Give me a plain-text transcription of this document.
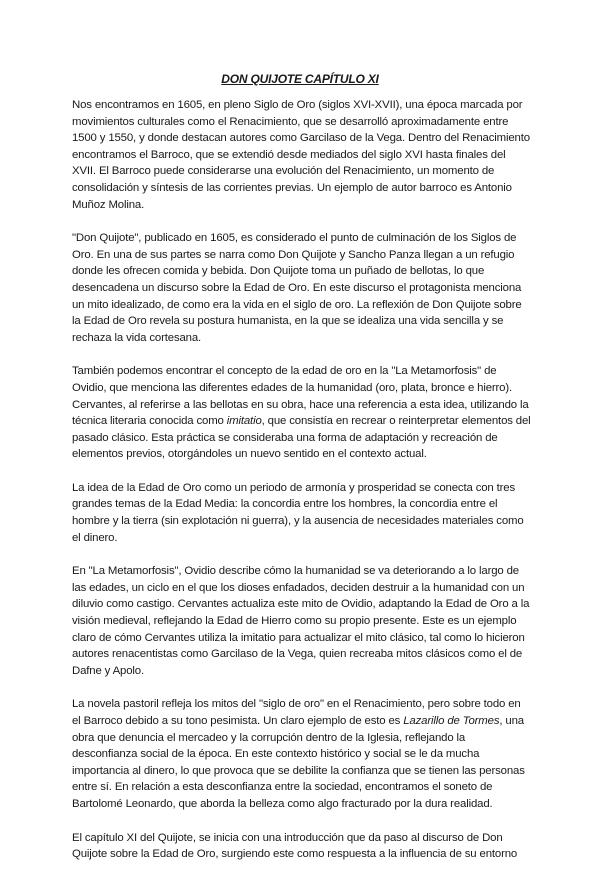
DON QUIJOTE CAPÍTULO XI

Nos encontramos en 1605, en pleno Siglo de Oro (siglos XVI-XVII), una época marcada por movimientos culturales como el Renacimiento, que se desarrolló aproximadamente entre 1500 y 1550, y donde destacan autores como Garcilaso de la Vega. Dentro del Renacimiento encontramos el Barroco, que se extendió desde mediados del siglo XVI hasta finales del XVII. El Barroco puede considerarse una evolución del Renacimiento, un momento de consolidación y síntesis de las corrientes previas. Un ejemplo de autor barroco es Antonio Muñoz Molina.

"Don Quijote", publicado en 1605, es considerado el punto de culminación de los Siglos de Oro. En una de sus partes se narra como Don Quijote y Sancho Panza llegan a un refugio donde les ofrecen comida y bebida. Don Quijote toma un puñado de bellotas, lo que desencadena un discurso sobre la Edad de Oro. En este discurso el protagonista menciona un mito idealizado, de como era la vida en el siglo de oro. La reflexión de Don Quijote sobre la Edad de Oro revela su postura humanista, en la que se idealiza una vida sencilla y se rechaza la vida cortesana.

También podemos encontrar el concepto de la edad de oro en la "La Metamorfosis" de Ovidio, que menciona las diferentes edades de la humanidad (oro, plata, bronce e hierro). Cervantes, al referirse a las bellotas en su obra, hace una referencia a esta idea, utilizando la técnica literaria conocida como imitatio, que consistía en recrear o reinterpretar elementos del pasado clásico. Esta práctica se consideraba una forma de adaptación y recreación de elementos previos, otorgándoles un nuevo sentido en el contexto actual.

La idea de la Edad de Oro como un periodo de armonía y prosperidad se conecta con tres grandes temas de la Edad Media: la concordia entre los hombres, la concordia entre el hombre y la tierra (sin explotación ni guerra), y la ausencia de necesidades materiales como el dinero.

En "La Metamorfosis", Ovidio describe cómo la humanidad se va deteriorando a lo largo de las edades, un ciclo en el que los dioses enfadados, deciden destruir a la humanidad con un diluvio como castigo. Cervantes actualiza este mito de Ovidio, adaptando la Edad de Oro a la visión medieval, reflejando la Edad de Hierro como su propio presente. Este es un ejemplo claro de cómo Cervantes utiliza la imitatio para actualizar el mito clásico, tal como lo hicieron autores renacentistas como Garcilaso de la Vega, quien recreaba mitos clásicos como el de Dafne y Apolo.

La novela pastoril refleja los mitos del "siglo de oro" en el Renacimiento, pero sobre todo en el Barroco debido a su tono pesimista. Un claro ejemplo de esto es Lazarillo de Tormes, una obra que denuncia el mercadeo y la corrupción dentro de la Iglesia, reflejando la desconfianza social de la época. En este contexto histórico y social se le da mucha importancia al dinero, lo que provoca que se debilite la confianza que se tienen las personas entre sí. En relación a esta desconfianza entre la sociedad, encontramos el soneto de Bartolomé Leonardo, que aborda la belleza como algo fracturado por la dura realidad.

El capítulo XI del Quijote, se inicia con una introducción que da paso al discurso de Don Quijote sobre la Edad de Oro, surgiendo este como respuesta a la influencia de su entorno
